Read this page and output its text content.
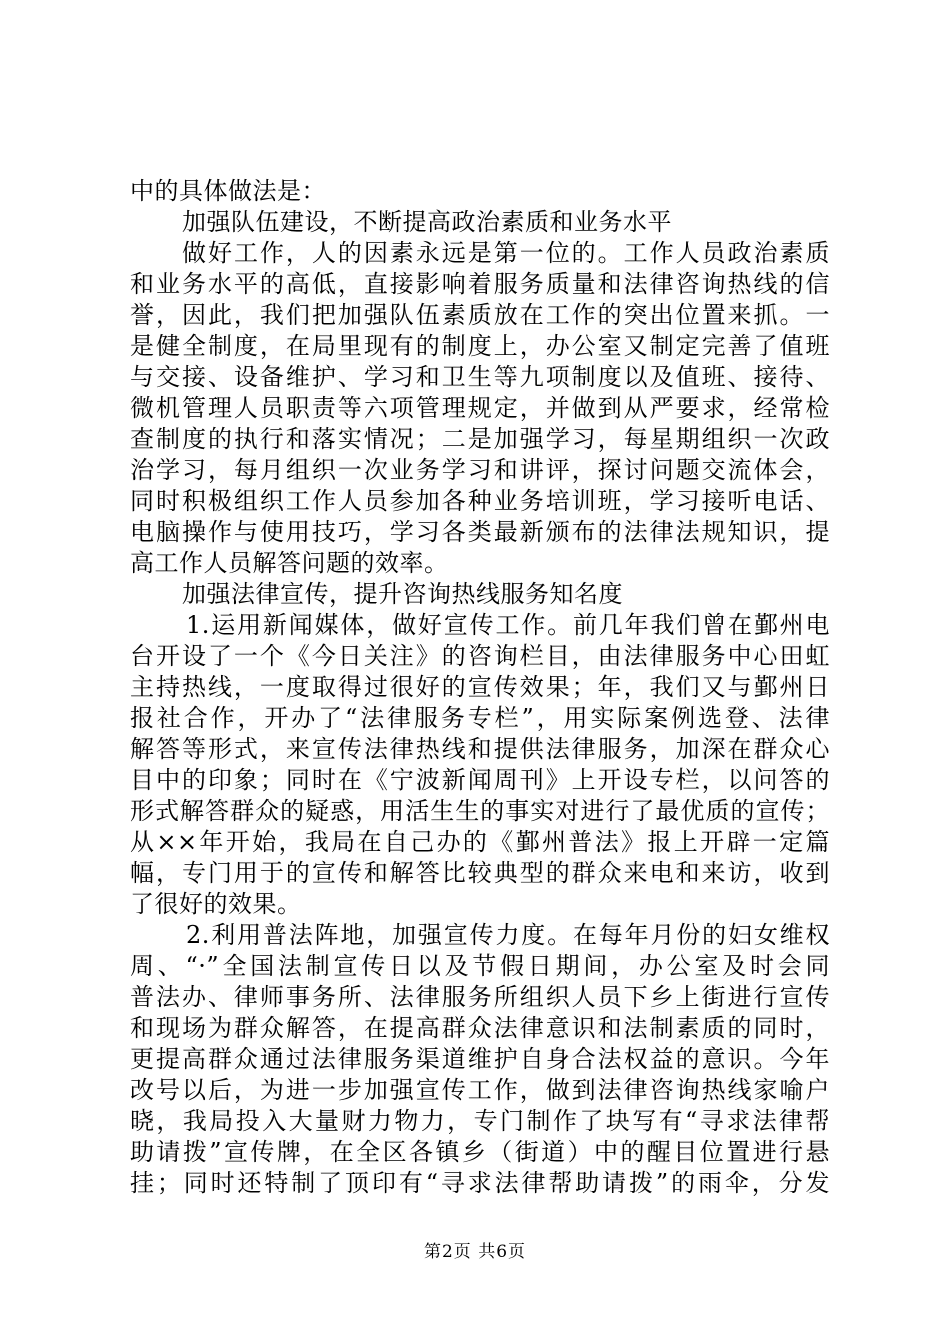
中的具体做法是：
加强队伍建设，不断提高政治素质和业务水平
做好工作，人的因素永远是第一位的。工作人员政治素质
和业务水平的高低，直接影响着服务质量和法律咨询热线的信
誉，因此，我们把加强队伍素质放在工作的突出位置来抓。一
是健全制度，在局里现有的制度上，办公室又制定完善了值班
与交接、设备维护、学习和卫生等九项制度以及值班、接待、
微机管理人员职责等六项管理规定，并做到从严要求，经常检
查制度的执行和落实情况；二是加强学习，每星期组织一次政
治学习，每月组织一次业务学习和讲评，探讨问题交流体会，
同时积极组织工作人员参加各种业务培训班，学习接听电话、
电脑操作与使用技巧，学习各类最新颁布的法律法规知识，提
高工作人员解答问题的效率。
加强法律宣传，提升咨询热线服务知名度
1.运用新闻媒体，做好宣传工作。前几年我们曾在鄞州电
台开设了一个《今日关注》的咨询栏目，由法律服务中心田虹
主持热线，一度取得过很好的宣传效果；年，我们又与鄞州日
报社合作，开办了“法律服务专栏”，用实际案例选登、法律
解答等形式，来宣传法律热线和提供法律服务，加深在群众心
目中的印象；同时在《宁波新闻周刊》上开设专栏，以问答的
形式解答群众的疑惑，用活生生的事实对进行了最优质的宣传；
从××年开始，我局在自己办的《鄞州普法》报上开辟一定篇
幅，专门用于的宣传和解答比较典型的群众来电和来访，收到
了很好的效果。
2.利用普法阵地，加强宣传力度。在每年月份的妇女维权
周、“·”全国法制宣传日以及节假日期间，办公室及时会同
普法办、律师事务所、法律服务所组织人员下乡上街进行宣传
和现场为群众解答，在提高群众法律意识和法制素质的同时，
更提高群众通过法律服务渠道维护自身合法权益的意识。今年
改号以后，为进一步加强宣传工作，做到法律咨询热线家喻户
晓，我局投入大量财力物力，专门制作了块写有“寻求法律帮
助请拨”宣传牌，在全区各镇乡（街道）中的醒目位置进行悬
挂；同时还特制了顶印有“寻求法律帮助请拨”的雨伞，分发
第2页 共6页
